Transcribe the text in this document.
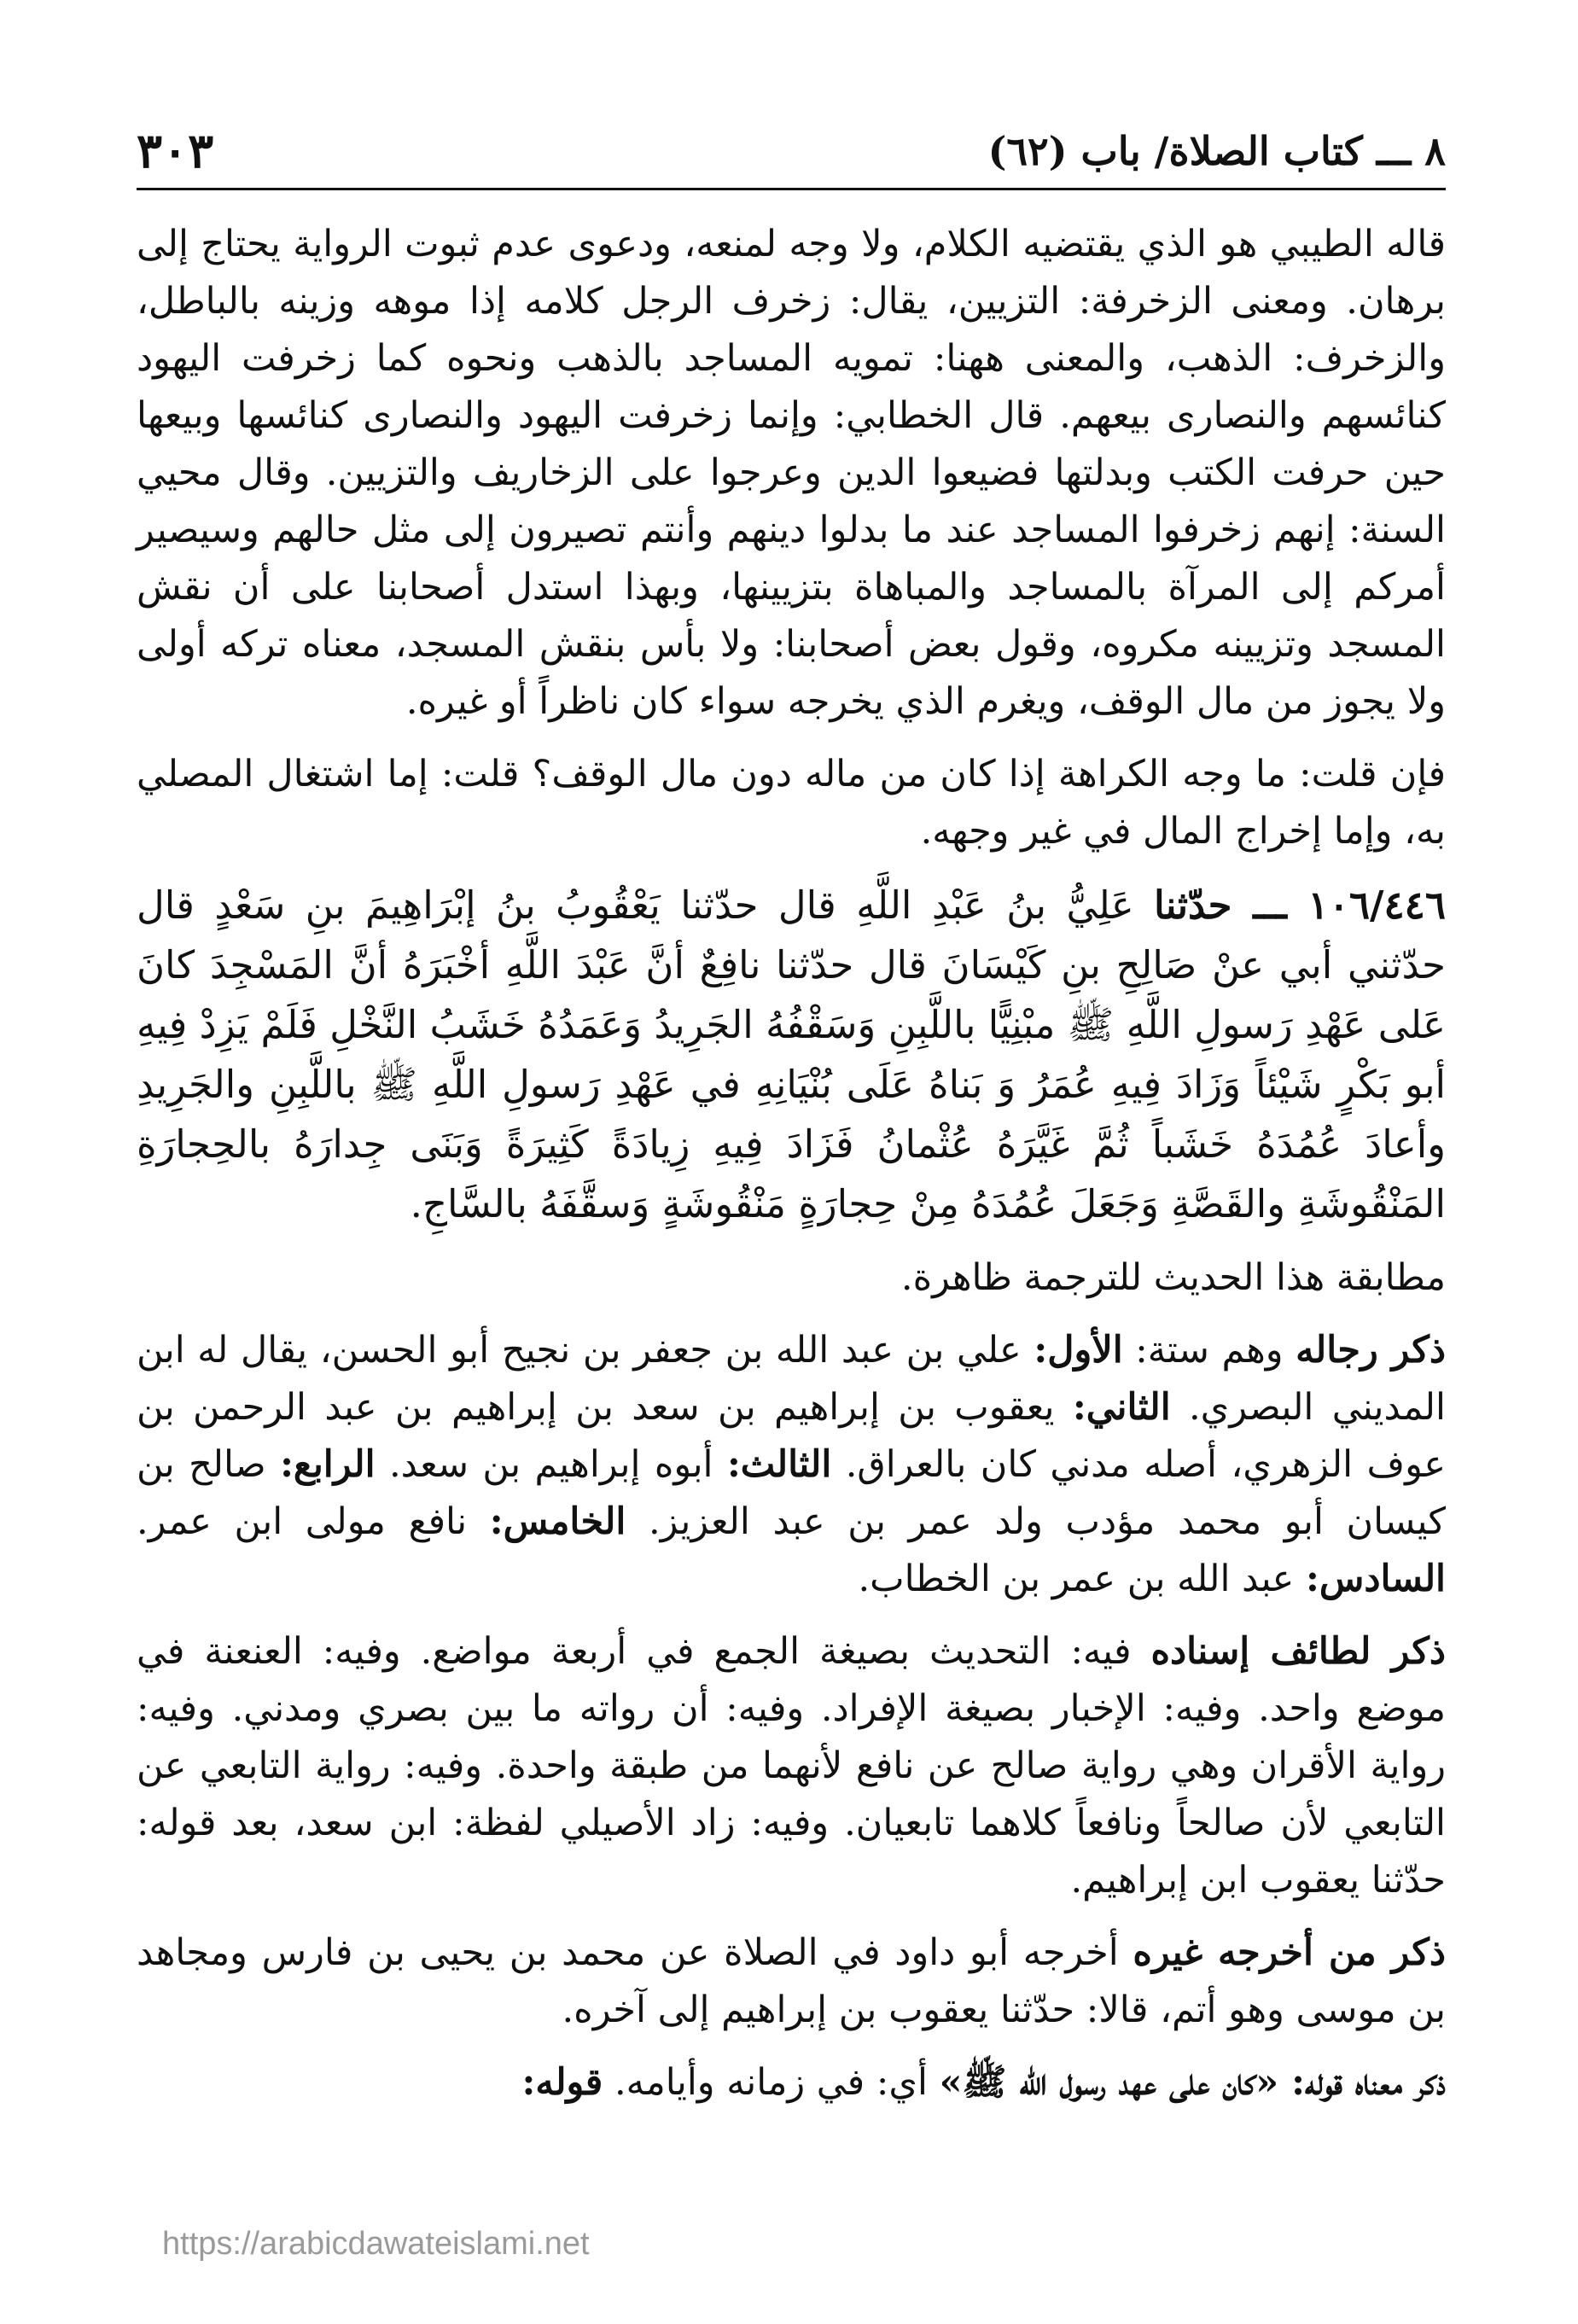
٨ ـــ كتاب الصلاة/ باب (٦٢)
٣٠٣

قاله الطيبي هو الذي يقتضيه الكلام، ولا وجه لمنعه، ودعوى عدم ثبوت الرواية يحتاج إلى برهان. ومعنى الزخرفة: التزيين، يقال: زخرف الرجل كلامه إذا موهه وزينه بالباطل، والزخرف: الذهب، والمعنى ههنا: تمويه المساجد بالذهب ونحوه كما زخرفت اليهود كنائسهم والنصارى بيعهم. قال الخطابي: وإنما زخرفت اليهود والنصارى كنائسها وبيعها حين حرفت الكتب وبدلتها فضيعوا الدين وعرجوا على الزخاريف والتزيين. وقال محيي السنة: إنهم زخرفوا المساجد عند ما بدلوا دينهم وأنتم تصيرون إلى مثل حالهم وسيصير أمركم إلى المرآة بالمساجد والمباهاة بتزيينها، وبهذا استدل أصحابنا على أن نقش المسجد وتزيينه مكروه، وقول بعض أصحابنا: ولا بأس بنقش المسجد، معناه تركه أولى ولا يجوز من مال الوقف، ويغرم الذي يخرجه سواء كان ناظراً أو غيره.

فإن قلت: ما وجه الكراهة إذا كان من ماله دون مال الوقف؟ قلت: إما اشتغال المصلي به، وإما إخراج المال في غير وجهه.

١٠٦/٤٤٦ ـــ حدّثنا عَلِيُّ بنُ عَبْدِ اللَّهِ قال حدّثنا يَعْقُوبُ بنُ إبْرَاهِيمَ بنِ سَعْدٍ قال حدّثني أبي عنْ صَالِحِ بنِ كَيْسَانَ قال حدّثنا نافِعٌ أنَّ عَبْدَ اللَّهِ أخْبَرَهُ أنَّ المَسْجِدَ كانَ عَلى عَهْدِ رَسولِ اللَّهِ ﷺ مبْنِيًّا باللَّبِنِ وَسَقْفُهُ الجَرِيدُ وَعَمَدُهُ خَشَبُ النَّخْلِ فَلَمْ يَزِدْ فِيهِ أبو بَكْرٍ شَيْئاً وَزَادَ فِيهِ عُمَرُ وَ بَناهُ عَلَى بُنْيَانِهِ في عَهْدِ رَسولِ اللَّهِ ﷺ باللَّبِنِ والجَرِيدِ وأعادَ عُمُدَهُ خَشَباً ثُمَّ غَيَّرَهُ عُثْمانُ فَزَادَ فِيهِ زِيادَةً كَثِيرَةً وَبَنَى جِدارَهُ بالحِجارَةِ المَنْقُوشَةِ والقَصَّةِ وَجَعَلَ عُمُدَهُ مِنْ حِجارَةٍ مَنْقُوشَةٍ وَسقَّفَهُ بالسَّاجِ.

مطابقة هذا الحديث للترجمة ظاهرة.

ذكر رجاله وهم ستة: الأول: علي بن عبد الله بن جعفر بن نجيح أبو الحسن، يقال له ابن المديني البصري. الثاني: يعقوب بن إبراهيم بن سعد بن إبراهيم بن عبد الرحمن بن عوف الزهري، أصله مدني كان بالعراق. الثالث: أبوه إبراهيم بن سعد. الرابع: صالح بن كيسان أبو محمد مؤدب ولد عمر بن عبد العزيز. الخامس: نافع مولى ابن عمر. السادس: عبد الله بن عمر بن الخطاب.

ذكر لطائف إسناده فيه: التحديث بصيغة الجمع في أربعة مواضع. وفيه: العنعنة في موضع واحد. وفيه: الإخبار بصيغة الإفراد. وفيه: أن رواته ما بين بصري ومدني. وفيه: رواية الأقران وهي رواية صالح عن نافع لأنهما من طبقة واحدة. وفيه: رواية التابعي عن التابعي لأن صالحاً ونافعاً كلاهما تابعيان. وفيه: زاد الأصيلي لفظة: ابن سعد، بعد قوله: حدّثنا يعقوب ابن إبراهيم.

ذكر من أخرجه غيره أخرجه أبو داود في الصلاة عن محمد بن يحيى بن فارس ومجاهد بن موسى وهو أتم، قالا: حدّثنا يعقوب بن إبراهيم إلى آخره.

ذكر معناه قوله: «كان على عهد رسول الله ﷺ» أي: في زمانه وأيامه. قوله:

https://arabicdawateislami.net
